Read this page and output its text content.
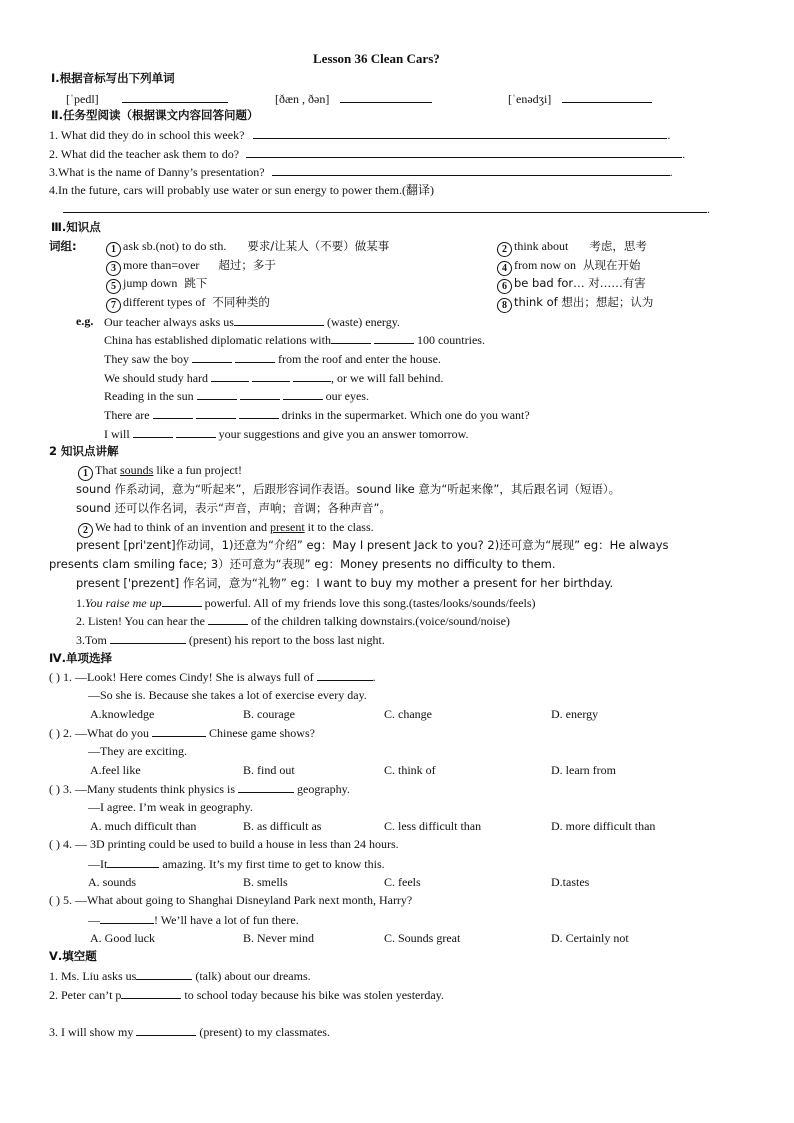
Lesson 36 Clean Cars?
Ⅰ.根据音标写出下列单词
[ˈpedl]	[ðæn , ðən]	[ˈenədʒi]
Ⅱ.任务型阅读（根据课文内容回答问题）
1. What did they do in school this week?	.
2. What did the teacher ask them to do?	.
3.What is the name of Danny’s presentation?	.
4.In the future, cars will probably use water or sun energy to power them.(翻译)
.
Ⅲ.知识点
词组:	1 ask sb.(not) to do sth. 要求/让某人（不要）做某事	2 think about 考虑，思考
3 more than=over 超过；多于	4 from now on 从现在开始
5 jump down 跳下	6 be bad for… 对……有害
7 different types of 不同种类的	8 think of 想出；想起；认为
e.g. Our teacher always asks us	(waste) energy.
China has established diplomatic relations with	100 countries.
They saw the boy	from the roof and enter the house.
We should study hard	, or we will fall behind.
Reading in the sun	our eyes.
There are	drinks in the supermarket. Which one do you want?
I will	your suggestions and give you an answer tomorrow.
2 知识点讲解
1 That sounds like a fun project!
sound 作系动词，意为“听起来”，后跟形容词作表语。sound like 意为“听起来像”，其后跟名词（短语）。
sound 还可以作名词，表示“声音，声响；音调；各种声音”。
2 We had to think of an invention and present it to the class.
present [pri'zent]作动词，1)还意为“介绍” eg：May I present Jack to you? 2)还可意为“展现” eg：He always
presents clam smiling face; 3）还可意为“表现” eg：Money presents no difficulty to them.
present ['prezent] 作名词，意为“礼物” eg：I want to buy my mother a present for her birthday.
1.You raise me up	powerful. All of my friends love this song.(tastes/looks/sounds/feels)
2. Listen! You can hear the	of the children talking downstairs.(voice/sound/noise)
3.Tom	(present) his report to the boss last night.
Ⅳ.单项选择
( ) 1. —Look! Here comes Cindy! She is always full of	.
—So she is. Because she takes a lot of exercise every day.
A.knowledge	B. courage	C. change	D. energy
( ) 2. —What do you	Chinese game shows?
—They are exciting.
A.feel like	B. find out	C. think of	D. learn from
( ) 3. —Many students think physics is	geography.
—I agree. I’m weak in geography.
A. much difficult than	B. as difficult as	C. less difficult than	D. more difficult than
( ) 4. — 3D printing could be used to build a house in less than 24 hours.
—It	amazing. It’s my first time to get to know this.
A. sounds	B. smells	C. feels	D.tastes
( ) 5. —What about going to Shanghai Disneyland Park next month, Harry?
—	! We’ll have a lot of fun there.
A. Good luck	B. Never mind	C. Sounds great	D. Certainly not
Ⅴ.填空题
1. Ms. Liu asks us	(talk) about our dreams.
2. Peter can’t p	to school today because his bike was stolen yesterday.
3. I will show my	(present) to my classmates.
